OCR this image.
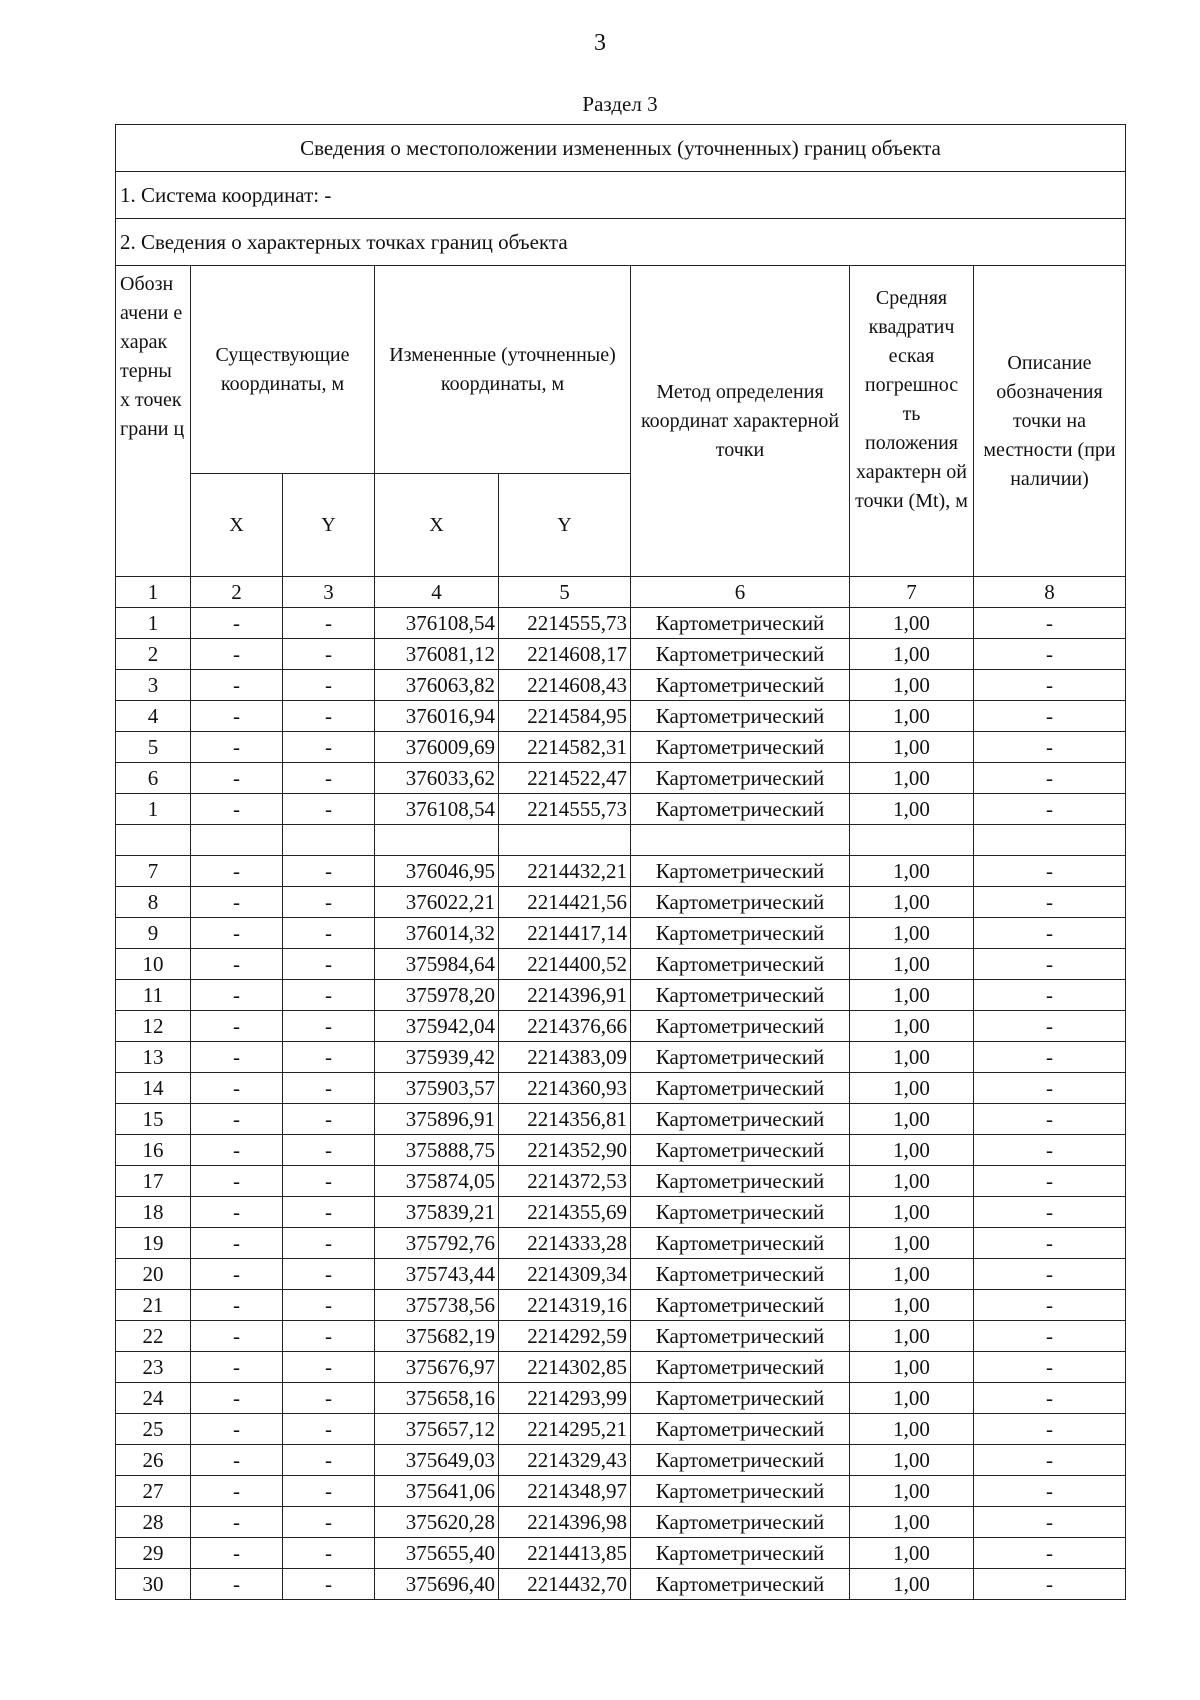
3
Раздел 3
Сведения о местоположении измененных (уточненных) границ объекта							
1. Система координат: -							
2. Сведения о характерных точках границ объекта							
Обозн ачени е харак терны х точек грани ц	Существующие координаты, м		Измененные (уточненные) координаты, м		Метод определения координат характерной точки	Средняя квадратич еская погрешнос ть положения характерн ой точки (Mt), м	Описание обозначения точки на местности (при наличии)
	X	Y	X	Y			
1	2	3	4	5	6	7	8
1	-	-	376108,54	2214555,73	Картометрический	1,00	-
2	-	-	376081,12	2214608,17	Картометрический	1,00	-
3	-	-	376063,82	2214608,43	Картометрический	1,00	-
4	-	-	376016,94	2214584,95	Картометрический	1,00	-
5	-	-	376009,69	2214582,31	Картометрический	1,00	-
6	-	-	376033,62	2214522,47	Картометрический	1,00	-
1	-	-	376108,54	2214555,73	Картометрический	1,00	-

7	-	-	376046,95	2214432,21	Картометрический	1,00	-
8	-	-	376022,21	2214421,56	Картометрический	1,00	-
9	-	-	376014,32	2214417,14	Картометрический	1,00	-
10	-	-	375984,64	2214400,52	Картометрический	1,00	-
11	-	-	375978,20	2214396,91	Картометрический	1,00	-
12	-	-	375942,04	2214376,66	Картометрический	1,00	-
13	-	-	375939,42	2214383,09	Картометрический	1,00	-
14	-	-	375903,57	2214360,93	Картометрический	1,00	-
15	-	-	375896,91	2214356,81	Картометрический	1,00	-
16	-	-	375888,75	2214352,90	Картометрический	1,00	-
17	-	-	375874,05	2214372,53	Картометрический	1,00	-
18	-	-	375839,21	2214355,69	Картометрический	1,00	-
19	-	-	375792,76	2214333,28	Картометрический	1,00	-
20	-	-	375743,44	2214309,34	Картометрический	1,00	-
21	-	-	375738,56	2214319,16	Картометрический	1,00	-
22	-	-	375682,19	2214292,59	Картометрический	1,00	-
23	-	-	375676,97	2214302,85	Картометрический	1,00	-
24	-	-	375658,16	2214293,99	Картометрический	1,00	-
25	-	-	375657,12	2214295,21	Картометрический	1,00	-
26	-	-	375649,03	2214329,43	Картометрический	1,00	-
27	-	-	375641,06	2214348,97	Картометрический	1,00	-
28	-	-	375620,28	2214396,98	Картометрический	1,00	-
29	-	-	375655,40	2214413,85	Картометрический	1,00	-
30	-	-	375696,40	2214432,70	Картометрический	1,00	-
